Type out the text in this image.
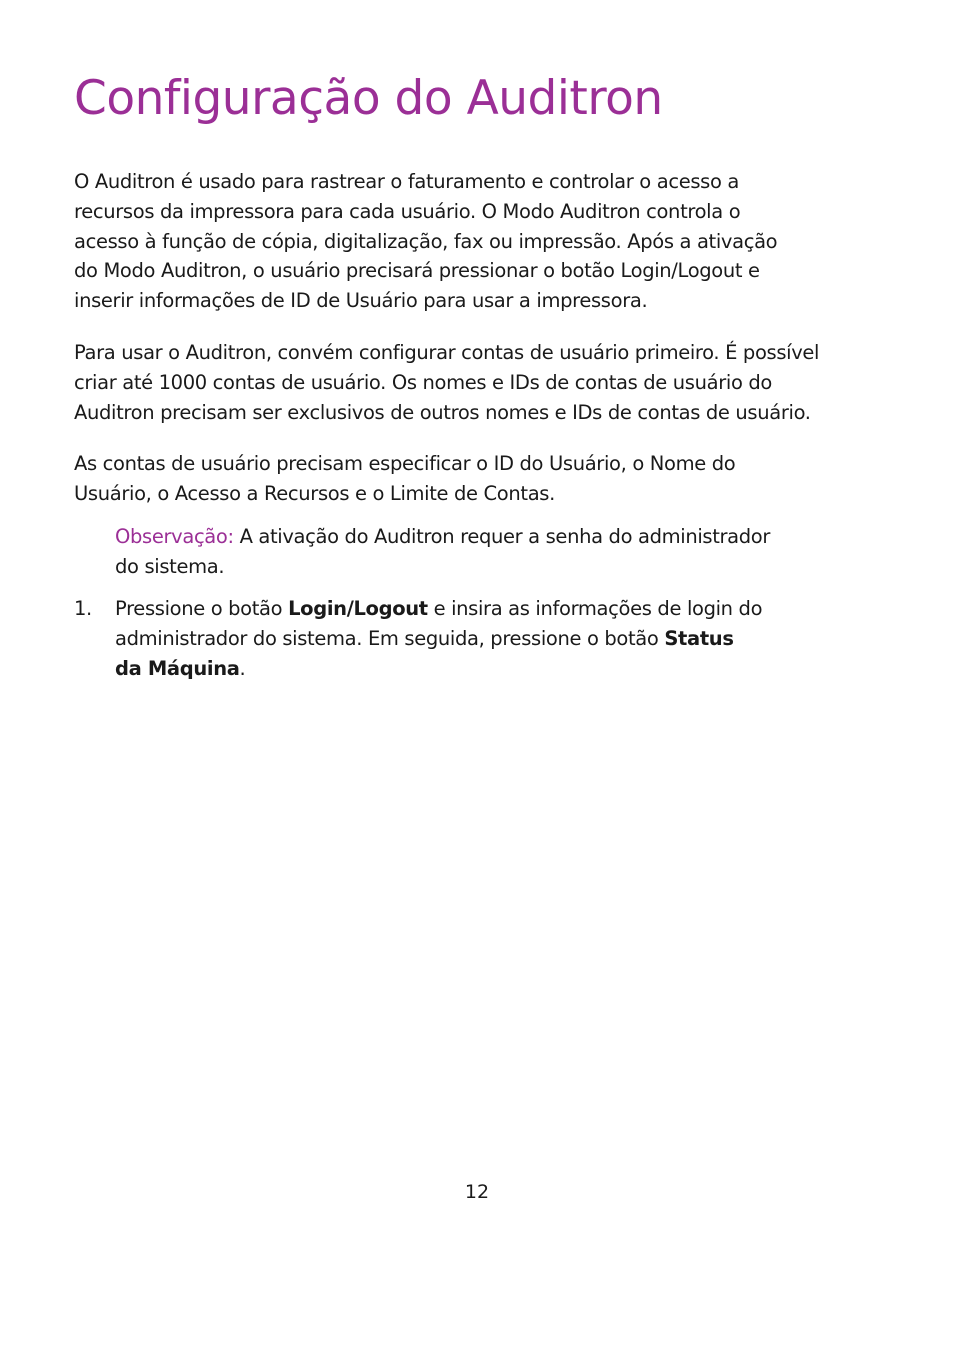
Configuração do Auditron
O Auditron é usado para rastrear o faturamento e controlar o acesso a
recursos da impressora para cada usuário. O Modo Auditron controla o
acesso à função de cópia, digitalização, fax ou impressão. Após a ativação
do Modo Auditron, o usuário precisará pressionar o botão Login/Logout e
inserir informações de ID de Usuário para usar a impressora.
Para usar o Auditron, convém configurar contas de usuário primeiro. É possível
criar até 1000 contas de usuário. Os nomes e IDs de contas de usuário do
Auditron precisam ser exclusivos de outros nomes e IDs de contas de usuário.
As contas de usuário precisam especificar o ID do Usuário, o Nome do
Usuário, o Acesso a Recursos e o Limite de Contas.
Observação: A ativação do Auditron requer a senha do administrador
do sistema.
1. Pressione o botão Login/Logout e insira as informações de login do
administrador do sistema. Em seguida, pressione o botão Status
da Máquina.
12
